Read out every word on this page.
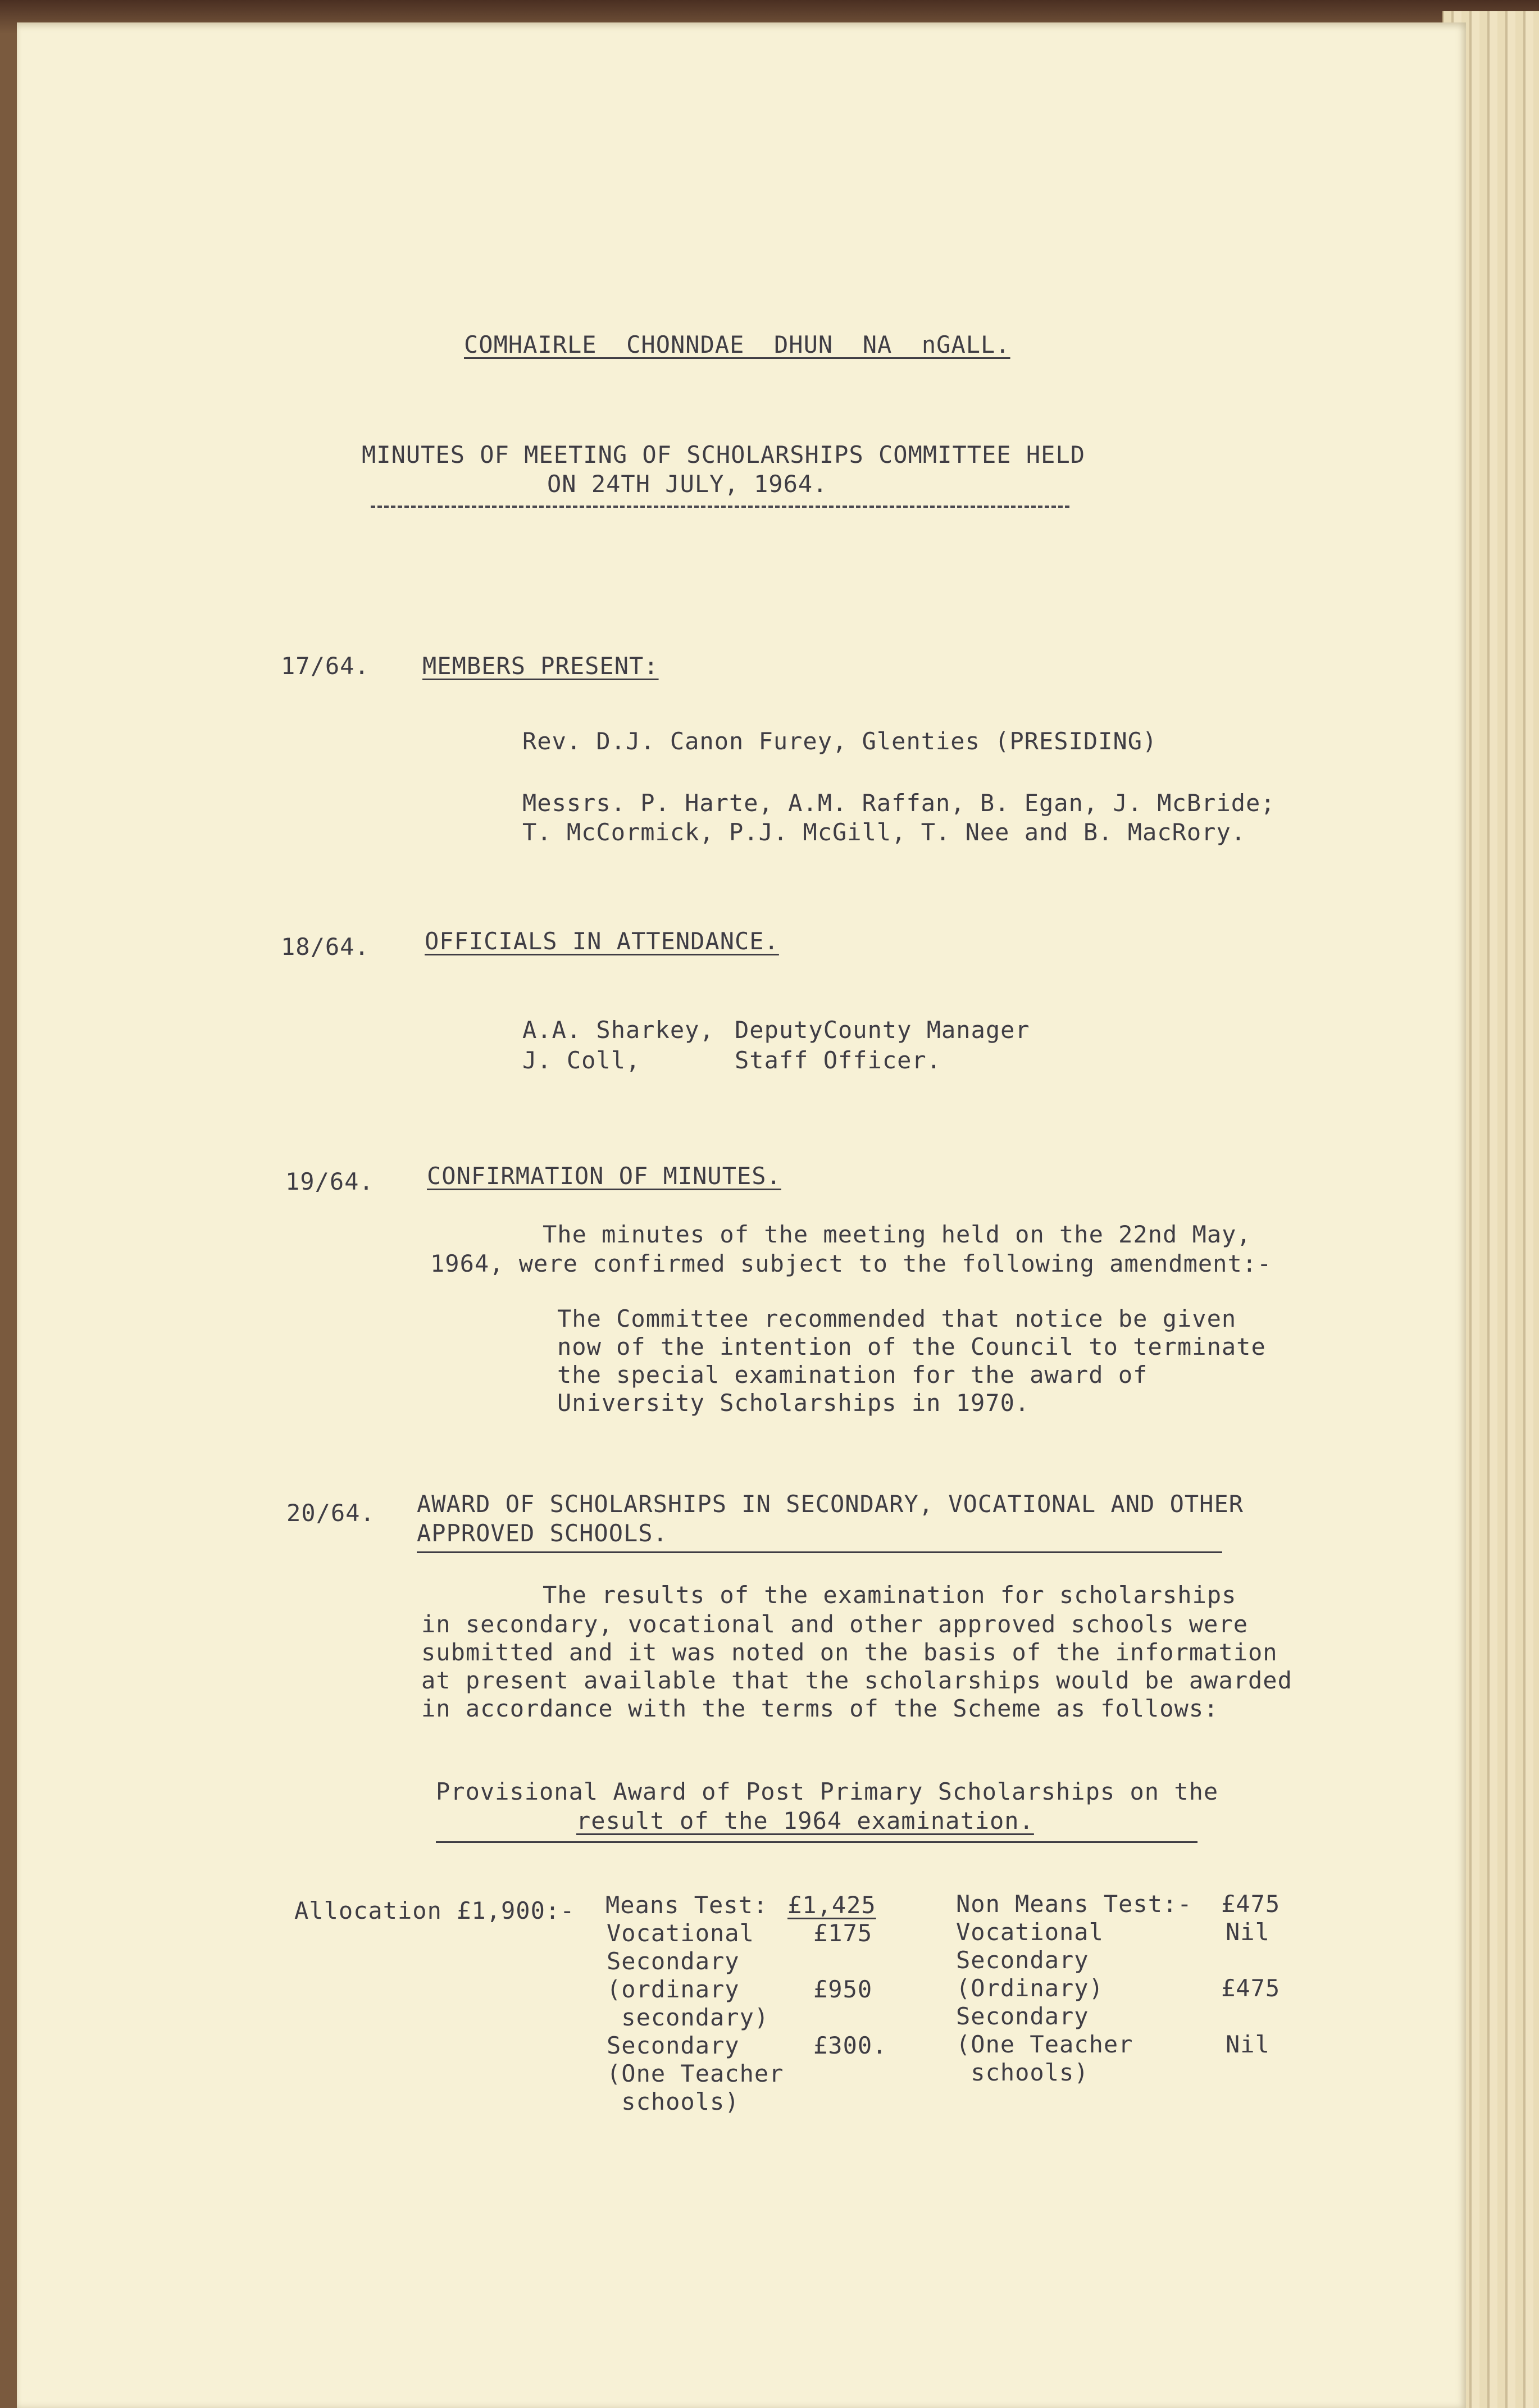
COMHAIRLE  CHONNDAE  DHUN  NA  nGALL.
MINUTES OF MEETING OF SCHOLARSHIPS COMMITTEE HELD
ON 24TH JULY, 1964.
17/64. MEMBERS PRESENT:
Rev. D.J. Canon Furey, Glenties (PRESIDING)
Messrs. P. Harte, A.M. Raffan, B. Egan, J. McBride;
T. McCormick, P.J. McGill, T. Nee and B. MacRory.
18/64. OFFICIALS IN ATTENDANCE.
A.A. Sharkey, DeputyCounty Manager
J. Coll,	Staff Officer.
19/64. CONFIRMATION OF MINUTES.
The minutes of the meeting held on the 22nd May,
1964, were confirmed subject to the following amendment:-
The Committee recommended that notice be given
now of the intention of the Council to terminate
the special examination for the award of
University Scholarships in 1970.
20/64. AWARD OF SCHOLARSHIPS IN SECONDARY, VOCATIONAL AND OTHER
APPROVED SCHOOLS.
The results of the examination for scholarships
in secondary, vocational and other approved schools were
submitted and it was noted on the basis of the information
at present available that the scholarships would be awarded
in accordance with the terms of the Scheme as follows:
Provisional Award of Post Primary Scholarships on the
result of the 1964 examination.
Allocation £1,900:- Means Test: £1,425
Vocational	£175
Secondary
(ordinary	£950
secondary)
Secondary	£300.
(One Teacher
schools)
Non Means Test:- £475
Vocational	Nil
Secondary
(Ordinary)	£475
Secondary
(One Teacher	Nil
schools)
